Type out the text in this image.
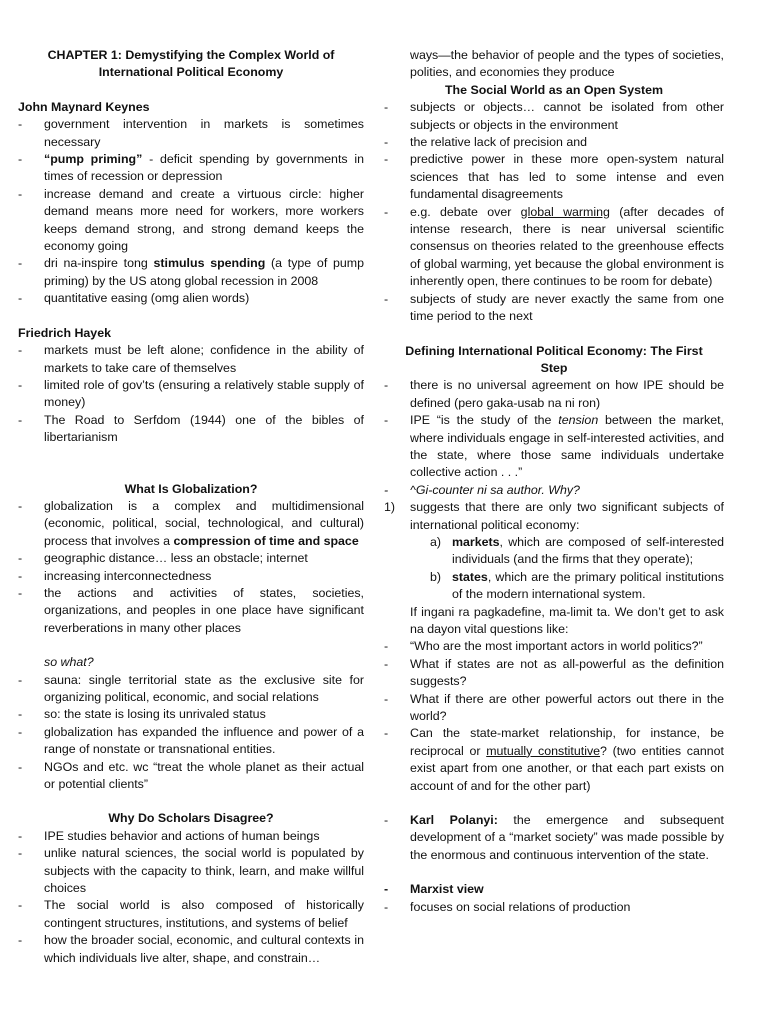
CHAPTER 1: Demystifying the Complex World of
International Political Economy
John Maynard Keynes
- government intervention in markets is sometimes necessary
- “pump priming” - deficit spending by governments in times of recession or depression
- increase demand and create a virtuous circle: higher demand means more need for workers, more workers keeps demand strong, and strong demand keeps the economy going
- dri na-inspire tong stimulus spending (a type of pump priming) by the US atong global recession in 2008
- quantitative easing (omg alien words)
Friedrich Hayek
- markets must be left alone; confidence in the ability of markets to take care of themselves
- limited role of gov’ts (ensuring a relatively stable supply of money)
- The Road to Serfdom (1944) one of the bibles of libertarianism
What Is Globalization?
- globalization is a complex and multidimensional (economic, political, social, technological, and cultural) process that involves a compression of time and space
- geographic distance… less an obstacle; internet
- increasing interconnectedness
- the actions and activities of states, societies, organizations, and peoples in one place have significant reverberations in many other places
so what?
- sauna: single territorial state as the exclusive site for organizing political, economic, and social relations
- so: the state is losing its unrivaled status
- globalization has expanded the influence and power of a range of nonstate or transnational entities.
- NGOs and etc. wc “treat the whole planet as their actual or potential clients”
Why Do Scholars Disagree?
- IPE studies behavior and actions of human beings
- unlike natural sciences, the social world is populated by subjects with the capacity to think, learn, and make willful choices
- The social world is also composed of historically contingent structures, institutions, and systems of belief
- how the broader social, economic, and cultural contexts in which individuals live alter, shape, and constrain…
ways—the behavior of people and the types of societies, polities, and economies they produce
The Social World as an Open System
- subjects or objects… cannot be isolated from other subjects or objects in the environment
- the relative lack of precision and
- predictive power in these more open-system natural sciences that has led to some intense and even fundamental disagreements
- e.g. debate over global warming (after decades of intense research, there is near universal scientific consensus on theories related to the greenhouse effects of global warming, yet because the global environment is inherently open, there continues to be room for debate)
- subjects of study are never exactly the same from one time period to the next
Defining International Political Economy: The First Step
- there is no universal agreement on how IPE should be defined (pero gaka-usab na ni ron)
- IPE “is the study of the tension between the market, where individuals engage in self-interested activities, and the state, where those same individuals undertake collective action . . .”
- ^Gi-counter ni sa author. Why?
1) suggests that there are only two significant subjects of international political economy:
a) markets, which are composed of self-interested individuals (and the firms that they operate);
b) states, which are the primary political institutions of the modern international system.
If ingani ra pagkadefine, ma-limit ta. We don’t get to ask na dayon vital questions like:
- “Who are the most important actors in world politics?”
- What if states are not as all-powerful as the definition suggests?
- What if there are other powerful actors out there in the world?
- Can the state-market relationship, for instance, be reciprocal or mutually constitutive? (two entities cannot exist apart from one another, or that each part exists on account of and for the other part)
- Karl Polanyi: the emergence and subsequent development of a “market society” was made possible by the enormous and continuous intervention of the state.
- Marxist view
- focuses on social relations of production
